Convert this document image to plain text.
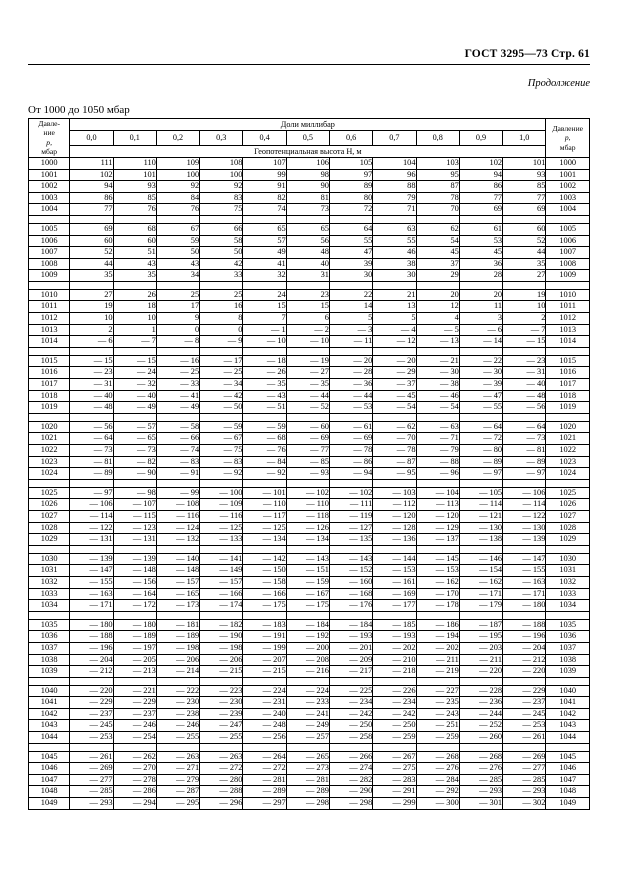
ГОСТ 3295—73 Стр. 61
Продолжение
От 1000 до 1050 мбар
Давле-
ние
p,
мбар	Доли миллибар											Давление
p,
мбар
	0,0	0,1	0,2	0,3	0,4	0,5	0,6	0,7	0,8	0,9	1,0	
	Геопотенциальная высота H, м											
1000	111	110	109	108	107	106	105	104	103	102	101	1000
1001	102	101	100	100	99	98	97	96	95	94	93	1001
1002	94	93	92	92	91	90	89	88	87	86	85	1002
1003	86	85	84	83	82	81	80	79	78	77	77	1003
1004	77	76	76	75	74	73	72	71	70	69	69	1004

1005	69	68	67	66	65	65	64	63	62	61	60	1005
1006	60	60	59	58	57	56	55	55	54	53	52	1006
1007	52	51	50	50	49	48	47	46	45	45	44	1007
1008	44	43	43	42	41	40	39	38	37	36	35	1008
1009	35	35	34	33	32	31	30	30	29	28	27	1009

1010	27	26	25	25	24	23	22	21	20	20	19	1010
1011	19	18	17	16	15	15	14	13	12	11	10	1011
1012	10	10	9	8	7	6	5	5	4	3	2	1012
1013	2	1	0	0	— 1	— 2	— 3	— 4	— 5	— 6	— 7	1013
1014	— 6	— 7	— 8	— 9	— 10	— 10	— 11	— 12	— 13	— 14	— 15	1014

1015	— 15	— 15	— 16	— 17	— 18	— 19	— 20	— 20	— 21	— 22	— 23	1015
1016	— 23	— 24	— 25	— 25	— 26	— 27	— 28	— 29	— 30	— 30	— 31	1016
1017	— 31	— 32	— 33	— 34	— 35	— 35	— 36	— 37	— 38	— 39	— 40	1017
1018	— 40	— 40	— 41	— 42	— 43	— 44	— 44	— 45	— 46	— 47	— 48	1018
1019	— 48	— 49	— 49	— 50	— 51	— 52	— 53	— 54	— 54	— 55	— 56	1019

1020	— 56	— 57	— 58	— 59	— 59	— 60	— 61	— 62	— 63	— 64	— 64	1020
1021	— 64	— 65	— 66	— 67	— 68	— 69	— 69	— 70	— 71	— 72	— 73	1021
1022	— 73	— 73	— 74	— 75	— 76	— 77	— 78	— 78	— 79	— 80	— 81	1022
1023	— 81	— 82	— 83	— 83	— 84	— 85	— 86	— 87	— 88	— 89	— 89	1023
1024	— 89	— 90	— 91	— 92	— 92	— 93	— 94	— 95	— 96	— 97	— 97	1024

1025	— 97	— 98	— 99	— 100	— 101	— 102	— 102	— 103	— 104	— 105	— 106	1025
1026	— 106	— 107	— 108	— 109	— 110	— 110	— 111	— 112	— 113	— 114	— 114	1026
1027	— 114	— 115	— 116	— 116	— 117	— 118	— 119	— 120	— 120	— 121	— 122	1027
1028	— 122	— 123	— 124	— 125	— 125	— 126	— 127	— 128	— 129	— 130	— 130	1028
1029	— 131	— 131	— 132	— 133	— 134	— 134	— 135	— 136	— 137	— 138	— 139	1029

1030	— 139	— 139	— 140	— 141	— 142	— 143	— 143	— 144	— 145	— 146	— 147	1030
1031	— 147	— 148	— 148	— 149	— 150	— 151	— 152	— 153	— 153	— 154	— 155	1031
1032	— 155	— 156	— 157	— 157	— 158	— 159	— 160	— 161	— 162	— 162	— 163	1032
1033	— 163	— 164	— 165	— 166	— 166	— 167	— 168	— 169	— 170	— 171	— 171	1033
1034	— 171	— 172	— 173	— 174	— 175	— 175	— 176	— 177	— 178	— 179	— 180	1034

1035	— 180	— 180	— 181	— 182	— 183	— 184	— 184	— 185	— 186	— 187	— 188	1035
1036	— 188	— 189	— 189	— 190	— 191	— 192	— 193	— 193	— 194	— 195	— 196	1036
1037	— 196	— 197	— 198	— 198	— 199	— 200	— 201	— 202	— 202	— 203	— 204	1037
1038	— 204	— 205	— 206	— 206	— 207	— 208	— 209	— 210	— 211	— 211	— 212	1038
1039	— 212	— 213	— 214	— 215	— 215	— 216	— 217	— 218	— 219	— 220	— 220	1039

1040	— 220	— 221	— 222	— 223	— 224	— 224	— 225	— 226	— 227	— 228	— 229	1040
1041	— 229	— 229	— 230	— 230	— 231	— 233	— 234	— 234	— 235	— 236	— 237	1041
1042	— 237	— 237	— 238	— 239	— 240	— 241	— 242	— 242	— 243	— 244	— 245	1042
1043	— 245	— 246	— 246	— 247	— 248	— 249	— 250	— 250	— 251	— 252	— 253	1043
1044	— 253	— 254	— 255	— 255	— 256	— 257	— 258	— 259	— 259	— 260	— 261	1044

1045	— 261	— 262	— 263	— 263	— 264	— 265	— 266	— 267	— 268	— 268	— 269	1045
1046	— 269	— 270	— 271	— 272	— 272	— 273	— 274	— 275	— 276	— 276	— 277	1046
1047	— 277	— 278	— 279	— 280	— 281	— 281	— 282	— 283	— 284	— 285	— 285	1047
1048	— 285	— 286	— 287	— 288	— 289	— 289	— 290	— 291	— 292	— 293	— 293	1048
1049	— 293	— 294	— 295	— 296	— 297	— 298	— 298	— 299	— 300	— 301	— 302	1049
